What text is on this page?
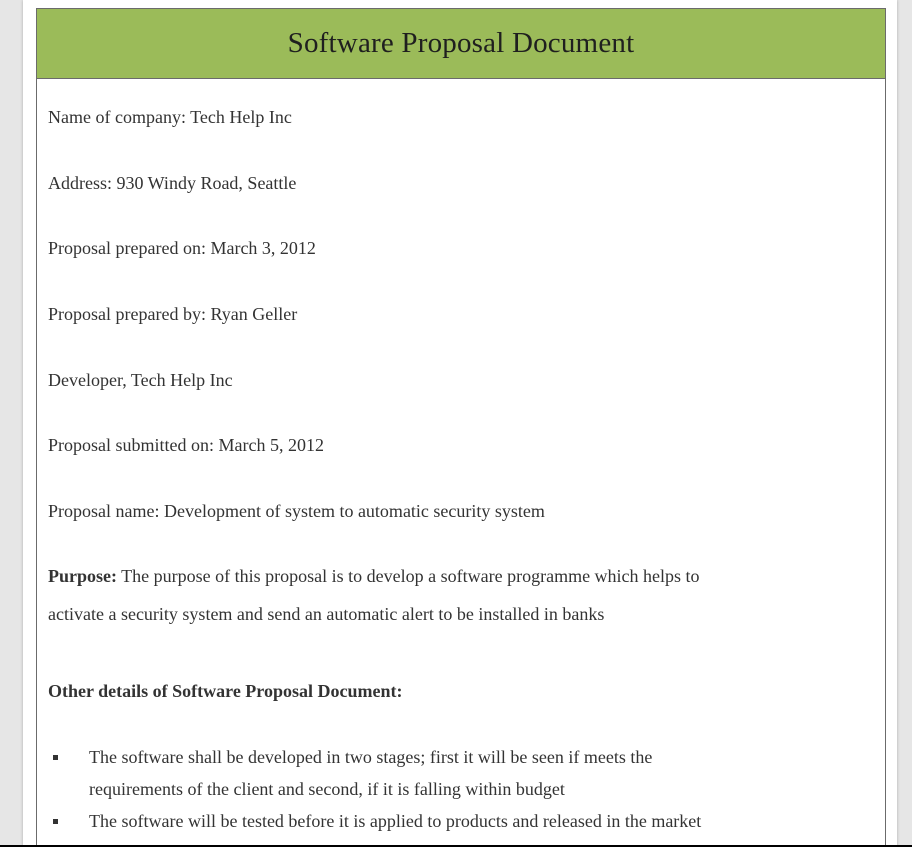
Software Proposal Document
Name of company: Tech Help Inc
Address: 930 Windy Road, Seattle
Proposal prepared on: March 3, 2012
Proposal prepared by: Ryan Geller
Developer, Tech Help Inc
Proposal submitted on: March 5, 2012
Proposal name: Development of system to automatic security system
Purpose: The purpose of this proposal is to develop a software programme which helps to
activate a security system and send an automatic alert to be installed in banks
Other details of Software Proposal Document:
The software shall be developed in two stages; first it will be seen if meets the
requirements of the client and second, if it is falling within budget
The software will be tested before it is applied to products and released in the market
